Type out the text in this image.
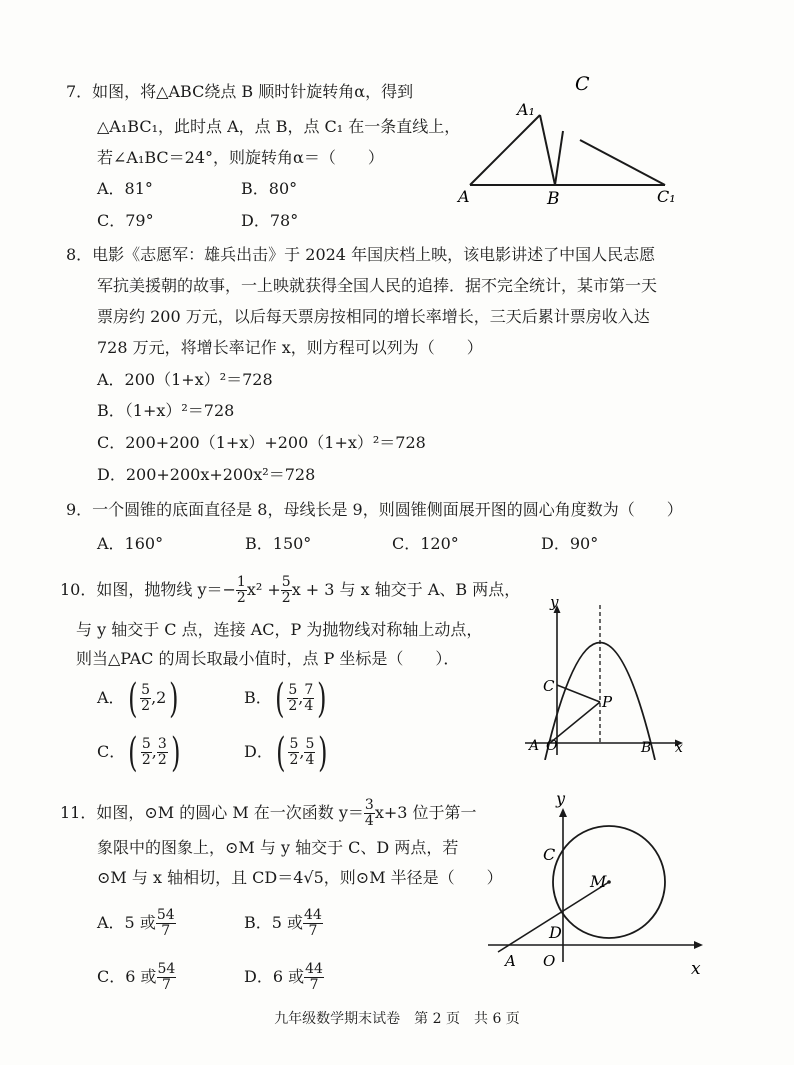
7．如图，将△ABC绕点 B 顺时针旋转角α，得到
△A₁BC₁，此时点 A，点 B，点 C₁ 在一条直线上，
若∠A₁BC＝24°，则旋转角α＝（　　）
A．81°	B．80°
C．79°	D．78°
C
A₁
A	B	C₁
8．电影《志愿军：雄兵出击》于 2024 年国庆档上映，该电影讲述了中国人民志愿
军抗美援朝的故事，一上映就获得全国人民的追捧．据不完全统计，某市第一天
票房约 200 万元，以后每天票房按相同的增长率增长，三天后累计票房收入达
728 万元，将增长率记作 x，则方程可以列为（　　）
A．200（1+x）²＝728
B．（1+x）²＝728
C．200+200（1+x）+200（1+x）²＝728
D．200+200x+200x²＝728
9．一个圆锥的底面直径是 8，母线长是 9，则圆锥侧面展开图的圆心角度数为（　　）
A．160°	B．150°	C．120°	D．90°
10．如图，抛物线 $y=- \frac{1}{2} x^2 + \frac{5}{2}$ x + 3 与 x 轴交于 A、B 两点，
与 y 轴交于 C 点，连接 AC，P 为抛物线对称轴上动点，
则当△PAC 的周长取最小值时，点 P 坐标是（　　）．
A．( $\frac{5}{2} ,2$)	B．( $\frac{5}{2}$ , $\frac{7}{4}$ )
C．( $\frac{5}{2}$ , $\frac{3}{2}$ )	D．( $\frac{5}{2}$ , $\frac{5}{4}$ )
y
C
P
A O	B x
11．如图，⊙M 的圆心 M 在一次函数 $y= \frac{3}{4} x+3$ 位于第一
象限中的图象上，⊙M 与 y 轴交于 C、D 两点，若
⊙M 与 x 轴相切，且 CD＝4√5，则⊙M 半径是（　　）
A．5 或 $\frac{54}{7}$	B．5 或 $\frac{44}{7}$
C．6 或 $\frac{54}{7}$	D．6 或 $\frac{44}{7}$
y
C
M
D
A O	x
九年级数学期末试卷　第 2 页　共 6 页
